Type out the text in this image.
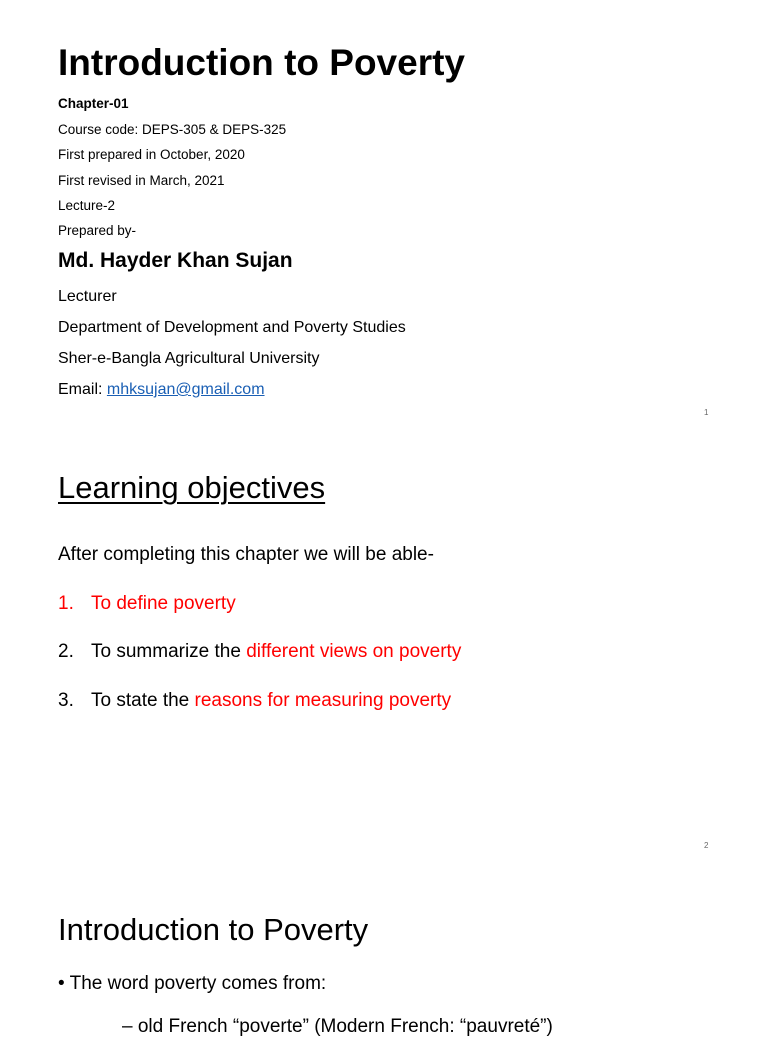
Introduction to Poverty
Chapter-01
Course code: DEPS-305 & DEPS-325
First prepared in October, 2020
First revised in March, 2021
Lecture-2
Prepared by-
Md. Hayder Khan Sujan
Lecturer
Department of Development and Poverty Studies
Sher-e-Bangla Agricultural University
Email: mhksujan@gmail.com
1
Learning objectives
After completing this chapter we will be able-
1. To define poverty
2. To summarize the different views on poverty
3. To state the reasons for measuring poverty
2
Introduction to Poverty
• The word poverty comes from:
– old French “poverte” (Modern French: “pauvreté”)
